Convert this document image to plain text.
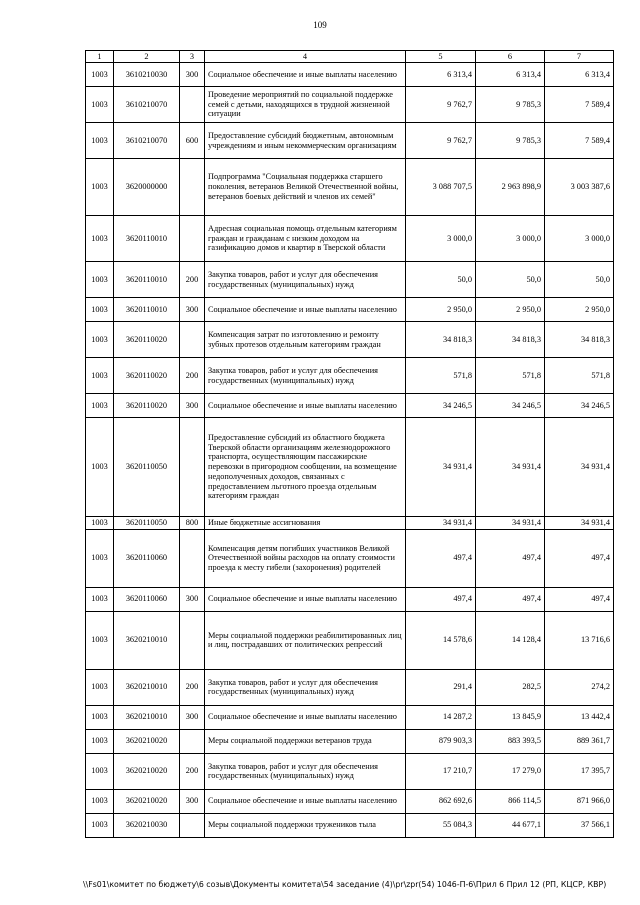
109
1	2	3	4	5	6	7
1003	3610210030	300	Социальное обеспечение и иные выплаты населению	6 313,4	6 313,4	6 313,4
1003	3610210070		Проведение мероприятий по социальной поддержке семей с детьми, находящихся в трудной жизненной ситуации	9 762,7	9 785,3	7 589,4
1003	3610210070	600	Предоставление субсидий бюджетным, автономным учреждениям и иным некоммерческим организациям	9 762,7	9 785,3	7 589,4
1003	3620000000		Подпрограмма "Социальная поддержка старшего поколения, ветеранов Великой Отечественной войны, ветеранов боевых действий и членов их семей"	3 088 707,5	2 963 898,9	3 003 387,6
1003	3620110010		Адресная социальная помощь отдельным категориям граждан и гражданам с низким доходом на газификацию домов и квартир в Тверской области	3 000,0	3 000,0	3 000,0
1003	3620110010	200	Закупка товаров, работ и услуг для обеспечения государственных (муниципальных) нужд	50,0	50,0	50,0
1003	3620110010	300	Социальное обеспечение и иные выплаты населению	2 950,0	2 950,0	2 950,0
1003	3620110020		Компенсация затрат по изготовлению и ремонту зубных протезов отдельным категориям граждан	34 818,3	34 818,3	34 818,3
1003	3620110020	200	Закупка товаров, работ и услуг для обеспечения государственных (муниципальных) нужд	571,8	571,8	571,8
1003	3620110020	300	Социальное обеспечение и иные выплаты населению	34 246,5	34 246,5	34 246,5
1003	3620110050		Предоставление субсидий из областного бюджета Тверской области организациям железнодорожного транспорта, осуществляющим пассажирские перевозки в пригородном сообщении, на возмещение недополученных доходов, связанных с предоставлением льготного проезда отдельным категориям граждан	34 931,4	34 931,4	34 931,4
1003	3620110050	800	Иные бюджетные ассигнования	34 931,4	34 931,4	34 931,4
1003	3620110060		Компенсация детям погибших участников Великой Отечественной войны расходов на оплату стоимости проезда к месту гибели (захоронения) родителей	497,4	497,4	497,4
1003	3620110060	300	Социальное обеспечение и иные выплаты населению	497,4	497,4	497,4
1003	3620210010		Меры социальной поддержки реабилитированных лиц и лиц, пострадавших от политических репрессий	14 578,6	14 128,4	13 716,6
1003	3620210010	200	Закупка товаров, работ и услуг для обеспечения государственных (муниципальных) нужд	291,4	282,5	274,2
1003	3620210010	300	Социальное обеспечение и иные выплаты населению	14 287,2	13 845,9	13 442,4
1003	3620210020		Меры социальной поддержки ветеранов труда	879 903,3	883 393,5	889 361,7
1003	3620210020	200	Закупка товаров, работ и услуг для обеспечения государственных (муниципальных) нужд	17 210,7	17 279,0	17 395,7
1003	3620210020	300	Социальное обеспечение и иные выплаты населению	862 692,6	866 114,5	871 966,0
1003	3620210030		Меры социальной поддержки тружеников тыла	55 084,3	44 677,1	37 566,1
\\Fs01\комитет по бюджету\6 созыв\Документы комитета\54 заседание (4)\pr\zpr(54) 1046-П-6\Прил 6 Прил 12 (РП, КЦСР, КВР)
